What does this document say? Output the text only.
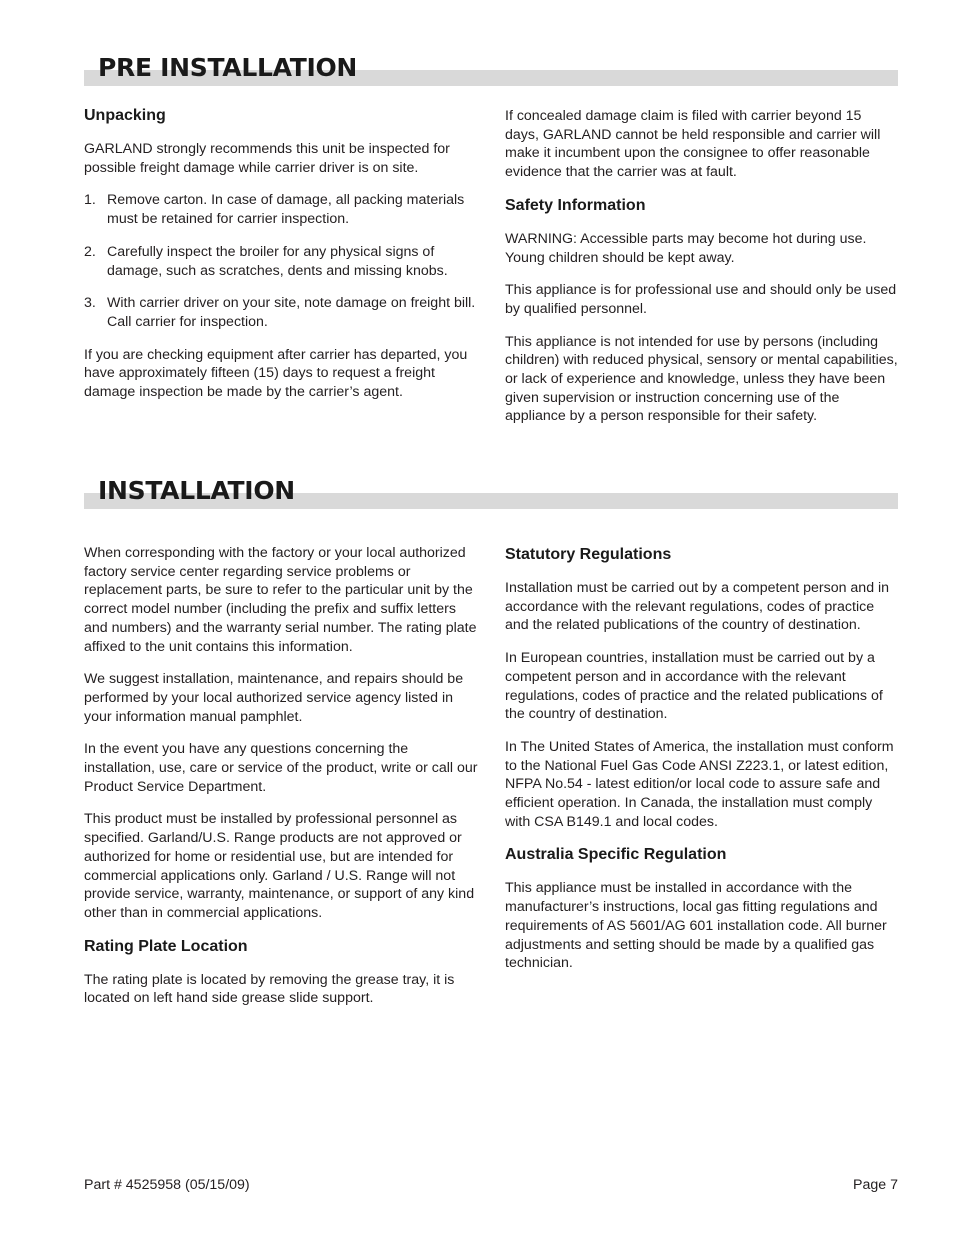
PRE INSTALLATION
Unpacking

GARLAND strongly recommends this unit be inspected for possible freight damage while carrier driver is on site.

1. Remove carton. In case of damage, all packing materials must be retained for carrier inspection.
2. Carefully inspect the broiler for any physical signs of damage, such as scratches, dents and missing knobs.
3. With carrier driver on your site, note damage on freight bill. Call carrier for inspection.

If you are checking equipment after carrier has departed, you have approximately fifteen (15) days to request a freight damage inspection be made by the carrier’s agent.

If concealed damage claim is filed with carrier beyond 15 days, GARLAND cannot be held responsible and carrier will make it incumbent upon the consignee to offer reasonable evidence that the carrier was at fault.

Safety Information

WARNING: Accessible parts may become hot during use. Young children should be kept away.

This appliance is for professional use and should only be used by qualified personnel.

This appliance is not intended for use by persons (including children) with reduced physical, sensory or mental capabilities, or lack of experience and knowledge, unless they have been given supervision or instruction concerning use of the appliance by a person responsible for their safety.

INSTALLATION

When corresponding with the factory or your local authorized factory service center regarding service problems or replacement parts, be sure to refer to the particular unit by the correct model number (including the prefix and suffix letters and numbers) and the warranty serial number. The rating plate affixed to the unit contains this information.

We suggest installation, maintenance, and repairs should be performed by your local authorized service agency listed in your information manual pamphlet.

In the event you have any questions concerning the installation, use, care or service of the product, write or call our Product Service Department.

This product must be installed by professional personnel as specified. Garland/U.S. Range products are not approved or authorized for home or residential use, but are intended for commercial applications only. Garland / U.S. Range will not provide service, warranty, maintenance, or support of any kind other than in commercial applications.

Rating Plate Location

The rating plate is located by removing the grease tray, it is located on left hand side grease slide support.

Statutory Regulations

Installation must be carried out by a competent person and in accordance with the relevant regulations, codes of practice and the related publications of the country of destination.

In European countries, installation must be carried out by a competent person and in accordance with the relevant regulations, codes of practice and the related publications of the country of destination.

In The United States of America, the installation must conform to the National Fuel Gas Code ANSI Z223.1, or latest edition, NFPA No.54 - latest edition/or local code to assure safe and efficient operation. In Canada, the installation must comply with CSA B149.1 and local codes.

Australia Specific Regulation

This appliance must be installed in accordance with the manufacturer’s instructions, local gas fitting regulations and requirements of AS 5601/AG 601 installation code. All burner adjustments and setting should be made by a qualified gas technician.

Part # 4525958 (05/15/09)	Page 7
